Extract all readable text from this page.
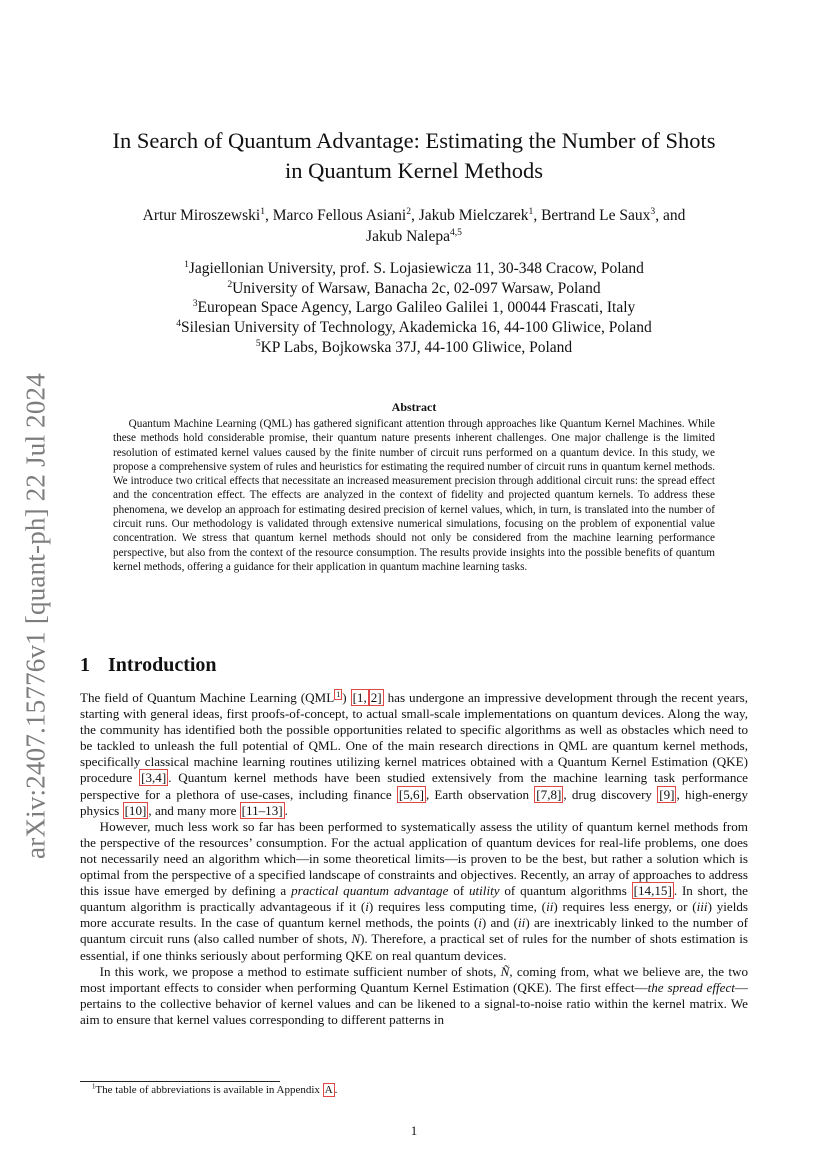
arXiv:2407.15776v1 [quant-ph] 22 Jul 2024
In Search of Quantum Advantage: Estimating the Number of Shots
in Quantum Kernel Methods
Artur Miroszewski$^1$, Marco Fellous Asiani$^2$, Jakub Mielczarek$^1$, Bertrand Le Saux$^3$, and
Jakub Nalepa$^{4,5}$
$^1$Jagiellonian University, prof. S. Lojasiewicza 11, 30-348 Cracow, Poland
$^2$University of Warsaw, Banacha 2c, 02-097 Warsaw, Poland
$^3$European Space Agency, Largo Galileo Galilei 1, 00044 Frascati, Italy
$^4$Silesian University of Technology, Akademicka 16, 44-100 Gliwice, Poland
$^5$KP Labs, Bojkowska 37J, 44-100 Gliwice, Poland
Abstract

Quantum Machine Learning (QML) has gathered significant attention through approaches like Quantum Kernel Machines. While these methods hold considerable promise, their quantum nature presents inherent challenges. One major challenge is the limited resolution of estimated kernel values caused by the finite number of circuit runs performed on a quantum device. In this study, we propose a comprehensive system of rules and heuristics for estimating the required number of circuit runs in quantum kernel methods. We introduce two critical effects that necessitate an increased measurement precision through additional circuit runs: the spread effect and the concentration effect. The effects are analyzed in the context of fidelity and projected quantum kernels. To address these phenomena, we develop an approach for estimating desired precision of kernel values, which, in turn, is translated into the number of circuit runs. Our methodology is validated through extensive numerical simulations, focusing on the problem of exponential value concentration. We stress that quantum kernel methods should not only be considered from the machine learning performance perspective, but also from the context of the resource consumption. The results provide insights into the possible benefits of quantum kernel methods, offering a guidance for their application in quantum machine learning tasks.

1 Introduction

The field of Quantum Machine Learning (QML $^1$ ) [1, 2] has undergone an impressive development through the recent years, starting with general ideas, first proofs-of-concept, to actual small-scale implementations on quantum devices. Along the way, the community has identified both the possible opportunities related to specific algorithms as well as obstacles which need to be tackled to unleash the full potential of QML. One of the main research directions in QML are quantum kernel methods, specifically classical machine learning routines utilizing kernel matrices obtained with a Quantum Kernel Estimation (QKE) procedure [3,4] . Quantum kernel methods have been studied extensively from the machine learning task performance perspective for a plethora of use-cases, including finance [5,6] , Earth observation [7,8] , drug discovery [9] , high-energy physics [10] , and many more [11–13] .

However, much less work so far has been performed to systematically assess the utility of quantum kernel methods from the perspective of the resources’ consumption. For the actual application of quantum devices for real-life problems, one does not necessarily need an algorithm which—in some theoretical limits—is proven to be the best, but rather a solution which is optimal from the perspective of a specified landscape of constraints and objectives. Recently, an array of approaches to address this issue have emerged by defining a practical quantum advantage of utility of quantum algorithms [14,15] . In short, the quantum algorithm is practically advantageous if it (i) requires less computing time, (ii) requires less energy, or (iii) yields more accurate results. In the case of quantum kernel methods, the points (i) and (ii) are inextricably linked to the number of quantum circuit runs (also called number of shots, N). Therefore, a practical set of rules for the number of shots estimation is essential, if one thinks seriously about performing QKE on real quantum devices.

In this work, we propose a method to estimate sufficient number of shots, Ñ, coming from, what we believe are, the two most important effects to consider when performing Quantum Kernel Estimation (QKE). The first effect—the spread effect—pertains to the collective behavior of kernel values and can be likened to a signal-to-noise ratio within the kernel matrix. We aim to ensure that kernel values corresponding to different patterns in

$^1$The table of abbreviations is available in Appendix A .
1
